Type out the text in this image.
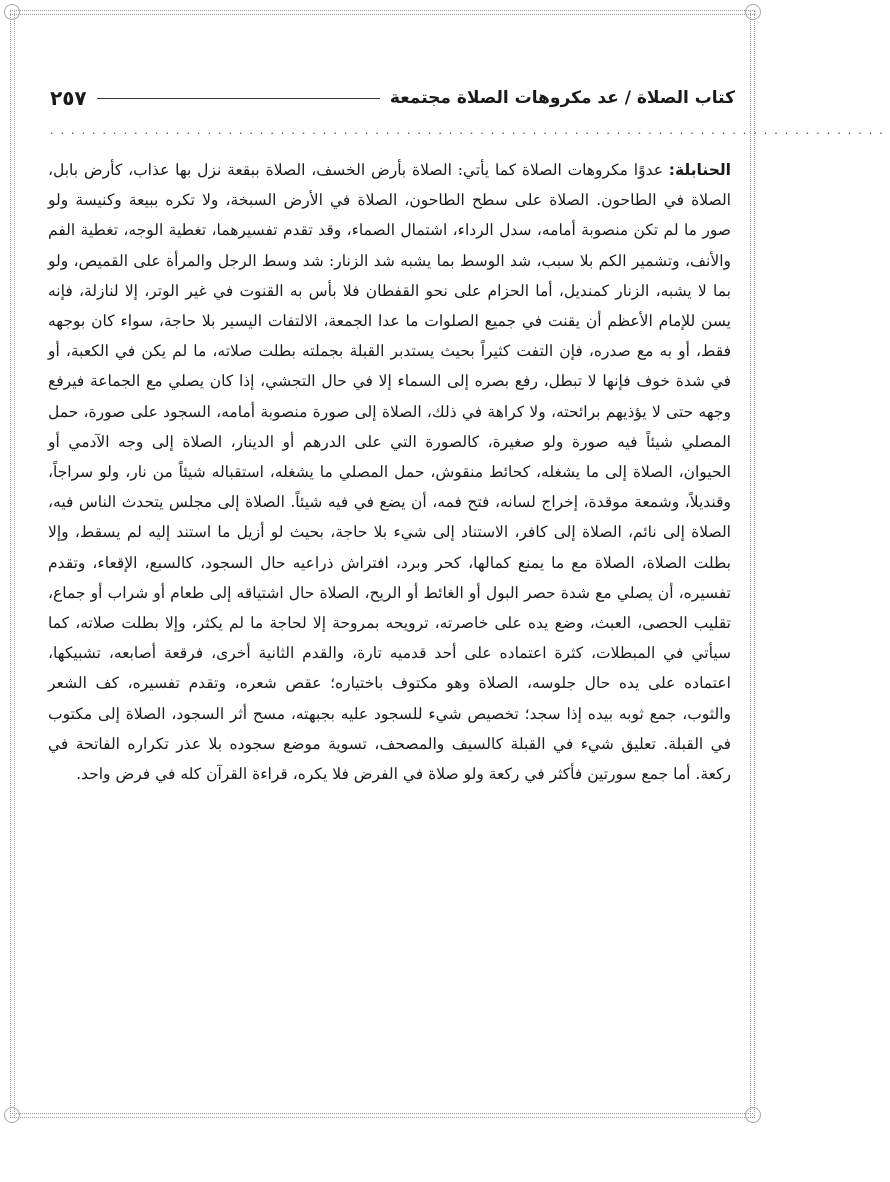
٢٥٧	كتاب الصلاة / عد مكروهات الصلاة مجتمعة
................................................................................
الحنابلة: عدوًا مكروهات الصلاة كما يأتي: الصلاة بأرض الخسف، الصلاة ببقعة نزل بها عذاب، كأرض بابل، الصلاة في الطاحون. الصلاة على سطح الطاحون، الصلاة في الأرض السبخة، ولا تكره ببيعة وكنيسة ولو صور ما لم تكن منصوبة أمامه، سدل الرداء، اشتمال الصماء، وقد تقدم تفسيرهما، تغطية الوجه، تغطية الفم والأنف، وتشمير الكم بلا سبب، شد الوسط بما يشبه شد الزنار: شد وسط الرجل والمرأة على القميص، ولو بما لا يشبه، الزنار كمنديل، أما الحزام على نحو القفطان فلا بأس به القنوت في غير الوتر، إلا لنازلة، فإنه يسن للإمام الأعظم أن يقنت في جميع الصلوات ما عدا الجمعة، الالتفات اليسير بلا حاجة، سواء كان بوجهه فقط، أو به مع صدره، فإن التفت كثيراً بحيث يستدبر القبلة بجملته بطلت صلاته، ما لم يكن في الكعبة، أو في شدة خوف فإنها لا تبطل، رفع بصره إلى السماء إلا في حال التجشي، إذا كان يصلي مع الجماعة فيرفع وجهه حتى لا يؤذيهم برائحته، ولا كراهة في ذلك، الصلاة إلى صورة منصوبة أمامه، السجود على صورة، حمل المصلي شيئاً فيه صورة ولو صغيرة، كالصورة التي على الدرهم أو الدينار، الصلاة إلى وجه الآدمي أو الحيوان، الصلاة إلى ما يشغله، كحائط منقوش، حمل المصلي ما يشغله، استقباله شيئاً من نار، ولو سراجاً، وقنديلاً، وشمعة موقدة، إخراج لسانه، فتح فمه، أن يضع في فيه شيئاً. الصلاة إلى مجلس يتحدث الناس فيه، الصلاة إلى نائم، الصلاة إلى كافر، الاستناد إلى شيء بلا حاجة، بحيث لو أزيل ما استند إليه لم يسقط، وإلا بطلت الصلاة، الصلاة مع ما يمنع كمالها، كحر وبرد، افتراش ذراعيه حال السجود، كالسبع، الإقعاء، وتقدم تفسيره، أن يصلي مع شدة حصر البول أو الغائط أو الريح، الصلاة حال اشتياقه إلى طعام أو شراب أو جماع، تقليب الحصى، العبث، وضع يده على خاصرته، ترويحه بمروحة إلا لحاجة ما لم يكثر، وإلا بطلت صلاته، كما سيأتي في المبطلات، كثرة اعتماده على أحد قدميه تارة، والقدم الثانية أخرى، فرقعة أصابعه، تشبيكها، اعتماده على يده حال جلوسه، الصلاة وهو مكتوف باختياره؛ عقص شعره، وتقدم تفسيره، كف الشعر والثوب، جمع ثوبه بيده إذا سجد؛ تخصيص شيء للسجود عليه بجبهته، مسح أثر السجود، الصلاة إلى مكتوب في القبلة. تعليق شيء في القبلة كالسيف والمصحف، تسوية موضع سجوده بلا عذر تكراره الفاتحة في ركعة. أما جمع سورتين فأكثر في ركعة ولو صلاة في الفرض فلا يكره، قراءة القرآن كله في فرض واحد.
